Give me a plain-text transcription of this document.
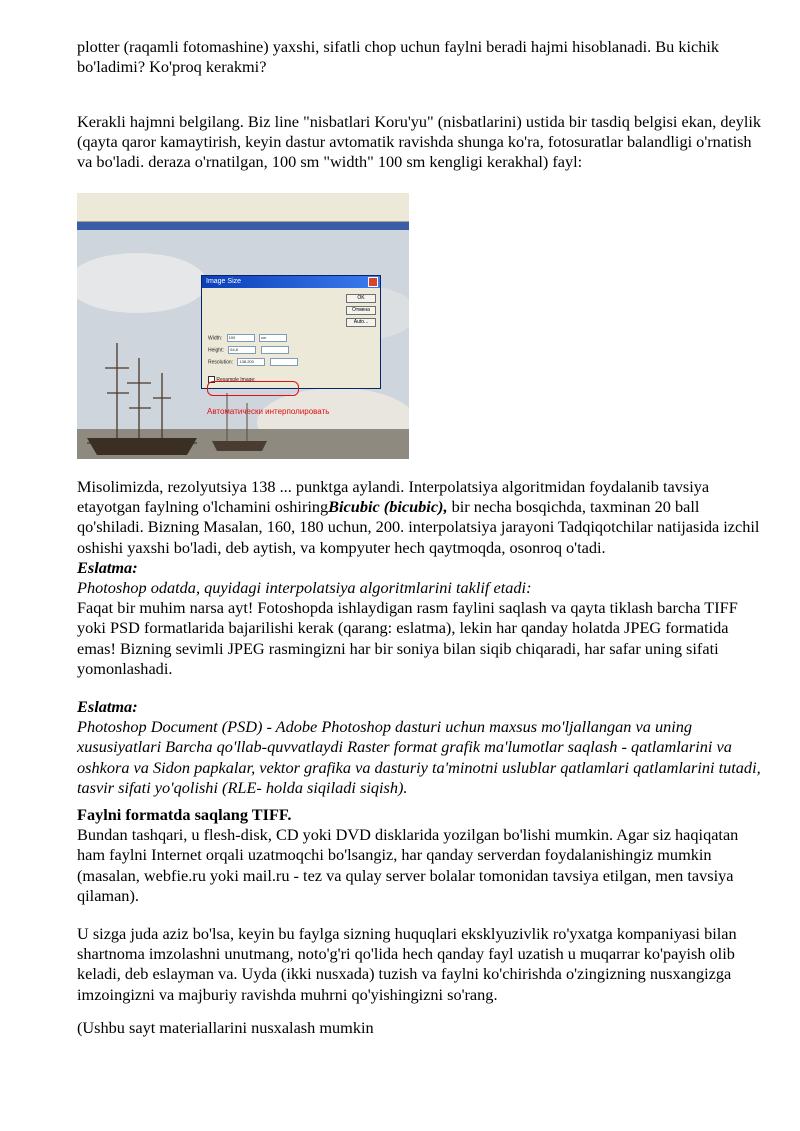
plotter (raqamli fotomashine) yaxshi, sifatli chop uchun faylni beradi hajmi hisoblanadi. Bu kichik bo'ladimi? Ko'proq kerakmi?

Kerakli hajmni belgilang. Biz line "nisbatlari Koru'yu" (nisbatlarini) ustida bir tasdiq belgisi ekan, deylik (qayta qaror kamaytirish, keyin dastur avtomatik ravishda shunga ko'ra, fotosuratlar balandligi o'rnatish va bo'ladi. deraza o'rnatilgan, 100 sm "width" 100 sm kengligi kerakhal) fayl:

Image Size
OK
Отмена
Auto...
Width: 100
	cm
Height: 64,6

Resolution: 138,200

Resample Image:
Автоматически интерполировать

Misolimizda, rezolyutsiya 138 ... punktga aylandi. Interpolatsiya algoritmidan foydalanib tavsiya etayotgan faylning o'lchamini oshiringBicubic (bicubic), bir necha bosqichda, taxminan 20 ball qo'shiladi. Bizning Masalan, 160, 180 uchun, 200. interpolatsiya jarayoni Tadqiqotchilar natijasida izchil oshishi yaxshi bo'ladi, deb aytish, va kompyuter hech qaytmoqda, osonroq o'tadi.

Eslatma:

Photoshop odatda, quyidagi interpolatsiya algoritmlarini taklif etadi:

Faqat bir muhim narsa ayt! Fotoshopda ishlaydigan rasm faylini saqlash va qayta tiklash barcha TIFF yoki PSD formatlarida bajarilishi kerak (qarang: eslatma), lekin har qanday holatda JPEG formatida emas! Bizning sevimli JPEG rasmingizni har bir soniya bilan siqib chiqaradi, har safar uning sifati yomonlashadi.

Eslatma:

Photoshop Document (PSD) - Adobe Photoshop dasturi uchun maxsus mo'ljallangan va uning xususiyatlari Barcha qo'llab-quvvatlaydi Raster format grafik ma'lumotlar saqlash - qatlamlarini va oshkora va Sidon papkalar, vektor grafika va dasturiy ta'minotni uslublar qatlamlari qatlamlarini tutadi, tasvir sifati yo'qolishi (RLE- holda siqiladi siqish).

Faylni formatda saqlang TIFF.

Bundan tashqari, u flesh-disk, CD yoki DVD disklarida yozilgan bo'lishi mumkin. Agar siz haqiqatan ham faylni Internet orqali uzatmoqchi bo'lsangiz, har qanday serverdan foydalanishingiz mumkin (masalan, webfie.ru yoki mail.ru - tez va qulay server bolalar tomonidan tavsiya etilgan, men tavsiya qilaman).

U sizga juda aziz bo'lsa, keyin bu faylga sizning huquqlari eksklyuzivlik ro'yxatga kompaniyasi bilan shartnoma imzolashni unutmang, noto'g'ri qo'lida hech qanday fayl uzatish u muqarrar ko'payish olib keladi, deb eslayman va. Uyda (ikki nusxada) tuzish va faylni ko'chirishda o'zingizning nusxangizga imzoingizni va majburiy ravishda muhrni qo'yishingizni so'rang.

(Ushbu sayt materiallarini nusxalash mumkin
